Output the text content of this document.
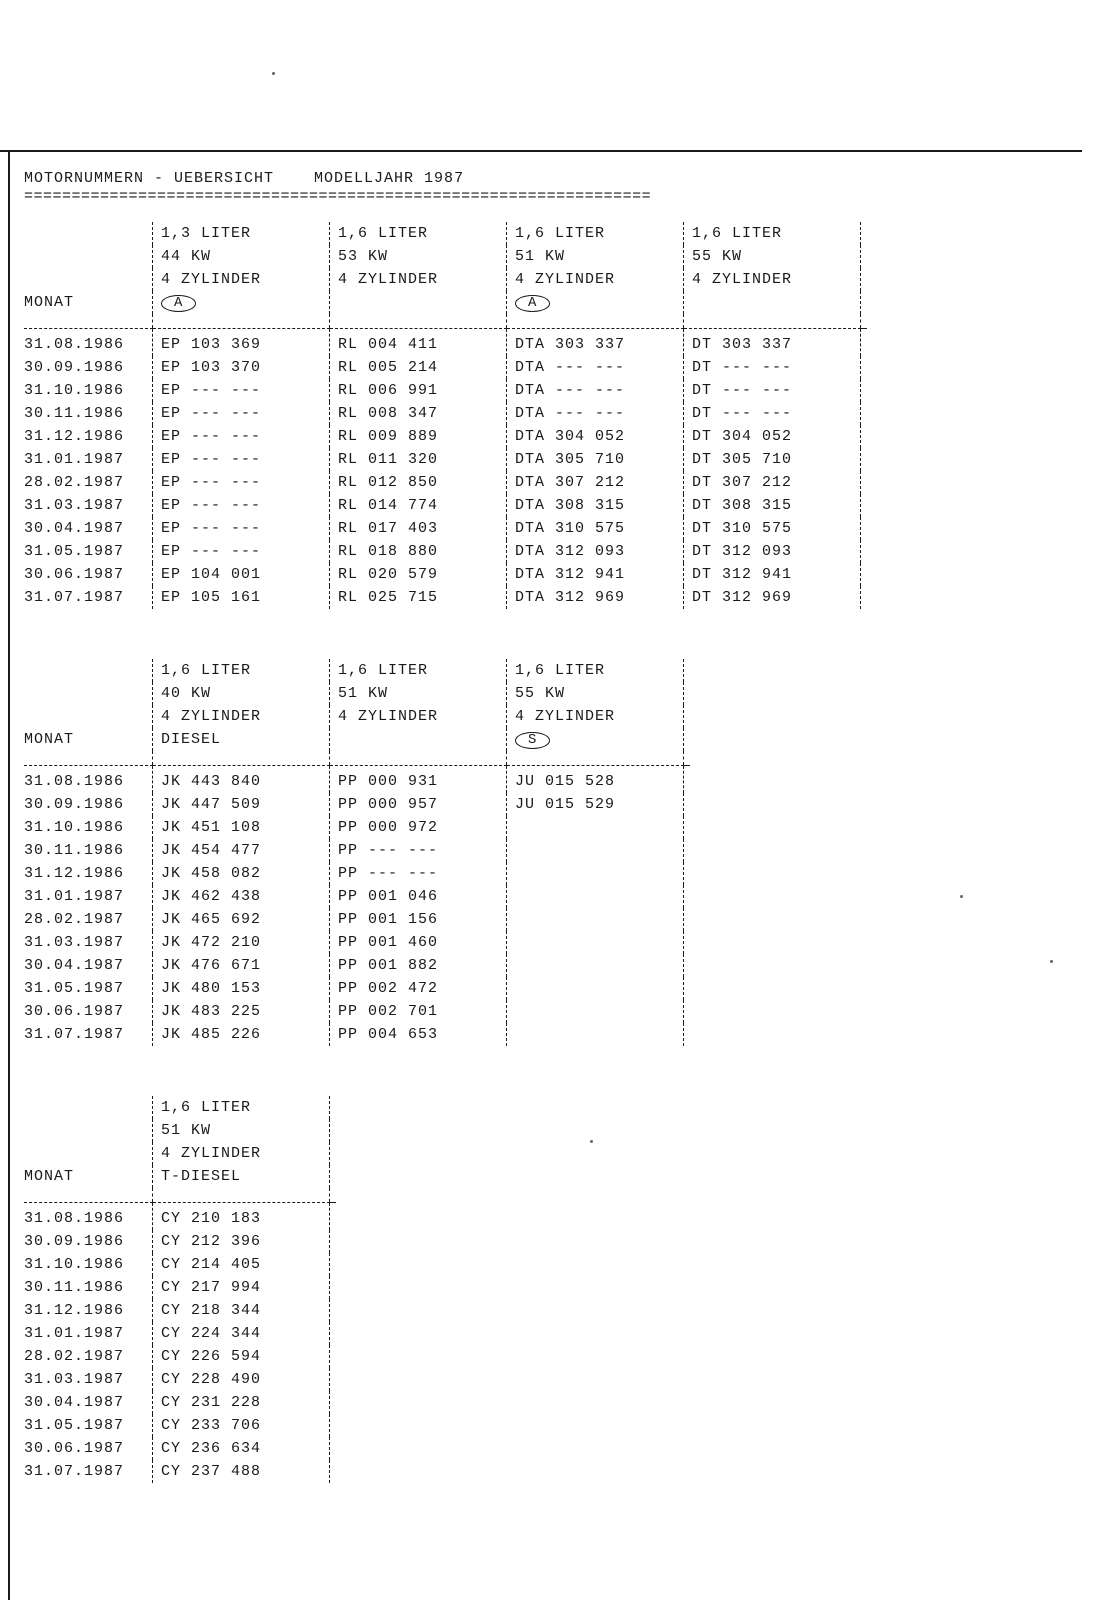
MOTORNUMMERN - UEBERSICHT    MODELLJAHR 1987
==================================================================
	1,3 LITER	1,6 LITER	1,6 LITER	1,6 LITER	
	44 KW	53 KW	51 KW	55 KW	
	4 ZYLINDER	4 ZYLINDER	4 ZYLINDER	4 ZYLINDER	
MONAT	A		A		

31.08.1986	EP 103 369	RL 004 411	DTA 303 337	DT 303 337	
30.09.1986	EP 103 370	RL 005 214	DTA --- ---	DT --- ---	
31.10.1986	EP --- ---	RL 006 991	DTA --- ---	DT --- ---	
30.11.1986	EP --- ---	RL 008 347	DTA --- ---	DT --- ---	
31.12.1986	EP --- ---	RL 009 889	DTA 304 052	DT 304 052	
31.01.1987	EP --- ---	RL 011 320	DTA 305 710	DT 305 710	
28.02.1987	EP --- ---	RL 012 850	DTA 307 212	DT 307 212	
31.03.1987	EP --- ---	RL 014 774	DTA 308 315	DT 308 315	
30.04.1987	EP --- ---	RL 017 403	DTA 310 575	DT 310 575	
31.05.1987	EP --- ---	RL 018 880	DTA 312 093	DT 312 093	
30.06.1987	EP 104 001	RL 020 579	DTA 312 941	DT 312 941	
31.07.1987	EP 105 161	RL 025 715	DTA 312 969	DT 312 969	
	1,6 LITER	1,6 LITER	1,6 LITER	
	40 KW	51 KW	55 KW	
	4 ZYLINDER	4 ZYLINDER	4 ZYLINDER	
MONAT	DIESEL		S	

31.08.1986	JK 443 840	PP 000 931	JU 015 528	
30.09.1986	JK 447 509	PP 000 957	JU 015 529	
31.10.1986	JK 451 108	PP 000 972		
30.11.1986	JK 454 477	PP --- ---		
31.12.1986	JK 458 082	PP --- ---		
31.01.1987	JK 462 438	PP 001 046		
28.02.1987	JK 465 692	PP 001 156		
31.03.1987	JK 472 210	PP 001 460		
30.04.1987	JK 476 671	PP 001 882		
31.05.1987	JK 480 153	PP 002 472		
30.06.1987	JK 483 225	PP 002 701		
31.07.1987	JK 485 226	PP 004 653		
	1,6 LITER	
	51 KW	
	4 ZYLINDER	
MONAT	T-DIESEL	

31.08.1986	CY 210 183	
30.09.1986	CY 212 396	
31.10.1986	CY 214 405	
30.11.1986	CY 217 994	
31.12.1986	CY 218 344	
31.01.1987	CY 224 344	
28.02.1987	CY 226 594	
31.03.1987	CY 228 490	
30.04.1987	CY 231 228	
31.05.1987	CY 233 706	
30.06.1987	CY 236 634	
31.07.1987	CY 237 488	
